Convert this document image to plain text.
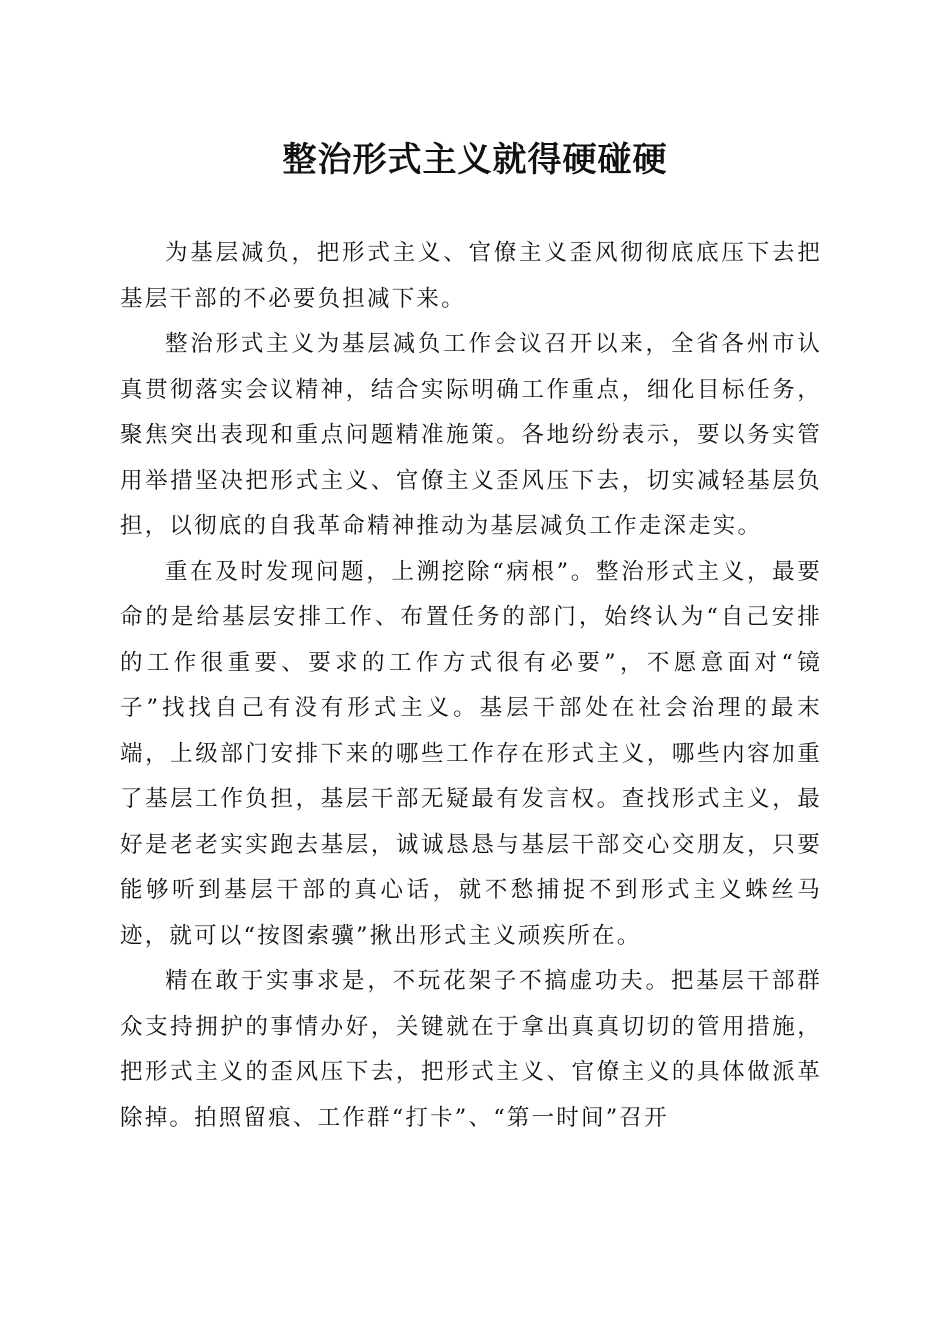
整治形式主义就得硬碰硬

为基层减负，把形式主义、官僚主义歪风彻彻底底压下去把基层干部的不必要负担减下来。

整治形式主义为基层减负工作会议召开以来，全省各州市认真贯彻落实会议精神，结合实际明确工作重点，细化目标任务，聚焦突出表现和重点问题精准施策。各地纷纷表示，要以务实管用举措坚决把形式主义、官僚主义歪风压下去，切实减轻基层负担，以彻底的自我革命精神推动为基层减负工作走深走实。

重在及时发现问题，上溯挖除“病根”。整治形式主义，最要命的是给基层安排工作、布置任务的部门，始终认为“自己安排的工作很重要、要求的工作方式很有必要”，不愿意面对“镜子”找找自己有没有形式主义。基层干部处在社会治理的最末端，上级部门安排下来的哪些工作存在形式主义，哪些内容加重了基层工作负担，基层干部无疑最有发言权。查找形式主义，最好是老老实实跑去基层，诚诚恳恳与基层干部交心交朋友，只要能够听到基层干部的真心话，就不愁捕捉不到形式主义蛛丝马迹，就可以“按图索骥”揪出形式主义顽疾所在。

精在敢于实事求是，不玩花架子不搞虚功夫。把基层干部群众支持拥护的事情办好，关键就在于拿出真真切切的管用措施，把形式主义的歪风压下去，把形式主义、官僚主义的具体做派革除掉。拍照留痕、工作群“打卡”、“第一时间”召开
